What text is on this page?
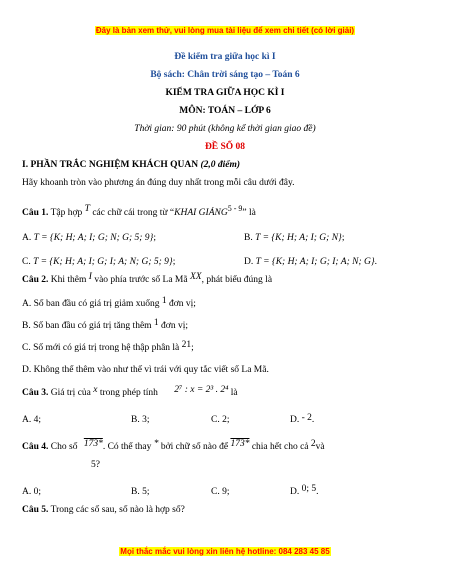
Đây là bản xem thử, vui lòng mua tài liệu để xem chi tiết (có lời giải)
Đề kiểm tra giữa học kì I
Bộ sách: Chân trời sáng tạo – Toán 6
KIỂM TRA GIỮA HỌC KÌ I
MÔN: TOÁN – LỚP 6
Thời gian: 90 phút (không kể thời gian giao đề)
ĐỀ SỐ 08
I. PHẦN TRẮC NGHIỆM KHÁCH QUAN (2,0 điểm)
Hãy khoanh tròn vào phương án đúng duy nhất trong mỗi câu dưới đây.
Câu 1. Tập hợp T các chữ cái trong từ “KHAI GIẢNG$^{5 - 9}$” là
A. T = {K; H; A; I; G; N; G; 5; 9};	B. T = {K; H; A; I; G; N};
C. T = {K; H; A; I; G; I; A; N; G; 5; 9};	D. T = {K; H; A; I; G; I; A; N; G}.
Câu 2. Khi thêm I vào phía trước số La Mã XX, phát biểu đúng là
A. Số ban đầu có giá trị giảm xuống 1 đơn vị;
B. Số ban đầu có giá trị tăng thêm 1 đơn vị;
C. Số mới có giá trị trong hệ thập phân là 21;
D. Không thể thêm vào như thế vì trái với quy tắc viết số La Mã.
Câu 3. Giá trị của x trong phép tính 2⁷ : x = 2³ . 2⁴ là
A. 4;	B. 3;	C. 2;	D. - 2.
Câu 4. Cho số 173*. Có thể thay * bởi chữ số nào để 173* chia hết cho cả 2và
5?
A. 0;	B. 5;	C. 9;	D. 0; 5.
Câu 5. Trong các số sau, số nào là hợp số?
Mọi thắc mắc vui lòng xin liên hệ hotline: 084 283 45 85
